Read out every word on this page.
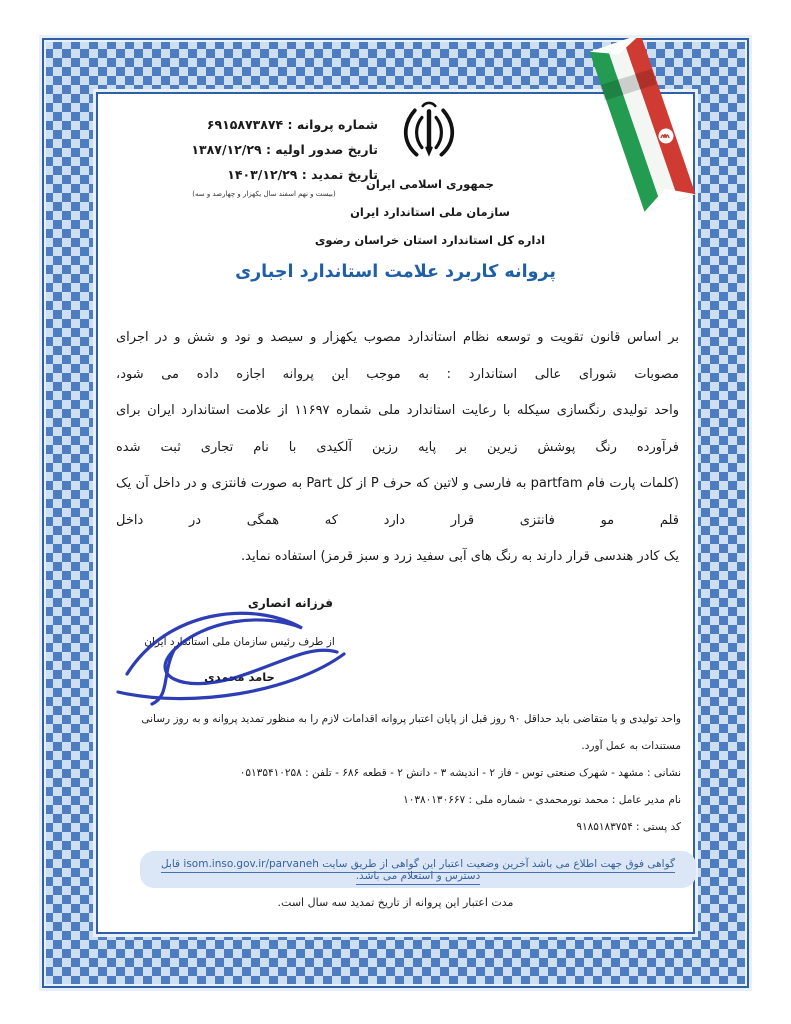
شماره پروانه : ۶۹۱۵۸۷۳۸۷۴
تاریخ صدور اولیه : ۱۳۸۷/۱۲/۲۹
تاریخ تمدید : ۱۴۰۳/۱۲/۲۹
(بیست و نهم اسفند سال یکهزار و چهارصد و سه)
جمهوری اسلامی ایران
سازمان ملی استاندارد ایران
اداره کل استاندارد استان خراسان رضوی
پروانه کاربرد علامت استاندارد اجباری
بر اساس قانون تقویت و توسعه نظام استاندارد مصوب یکهزار و سیصد و نود و شش و در اجرای مصوبات شورای عالی استاندارد : به موجب این پروانه اجازه داده می شود،
واحد تولیدی رنگسازی سیکله با رعایت استاندارد ملی شماره ۱۱۶۹۷ از علامت استاندارد ایران برای فرآورده رنگ پوشش زیرین بر پایه رزین آلکیدی با نام تجاری ثبت شده
(کلمات پارت فام partfam به فارسی و لاتین که حرف P از کل Part به صورت فانتزی و در داخل آن یک قلم مو فانتزی قرار دارد که همگی در داخل
یک کادر هندسی قرار دارند به رنگ های آبی سفید زرد و سبز قرمز) استفاده نماید.
فرزانه انصاری
از طرف رئیس سازمان ملی استاندارد ایران
حامد محمدی
واحد تولیدی و یا متقاضی باید حداقل ۹۰ روز قبل از پایان اعتبار پروانه اقدامات لازم را به منظور تمدید پروانه و به روز رسانی مستندات به عمل آورد.
نشانی : مشهد - شهرک صنعتی توس - فاز ۲ - اندیشه ۳ - دانش ۲ - قطعه ۶۸۶ - تلفن : ۰۵۱۳۵۴۱۰۲۵۸
نام مدیر عامل : محمد نورمحمدی - شماره ملی : ۱۰۳۸۰۱۳۰۶۶۷
کد پستی : ۹۱۸۵۱۸۳۷۵۴
گواهی فوق جهت اطلاع می باشد آخرین وضعیت اعتبار این گواهی از طریق سایت isom.inso.gov.ir/parvaneh قابل دسترس و استعلام می باشد.
مدت اعتبار این پروانه از تاریخ تمدید سه سال است.
